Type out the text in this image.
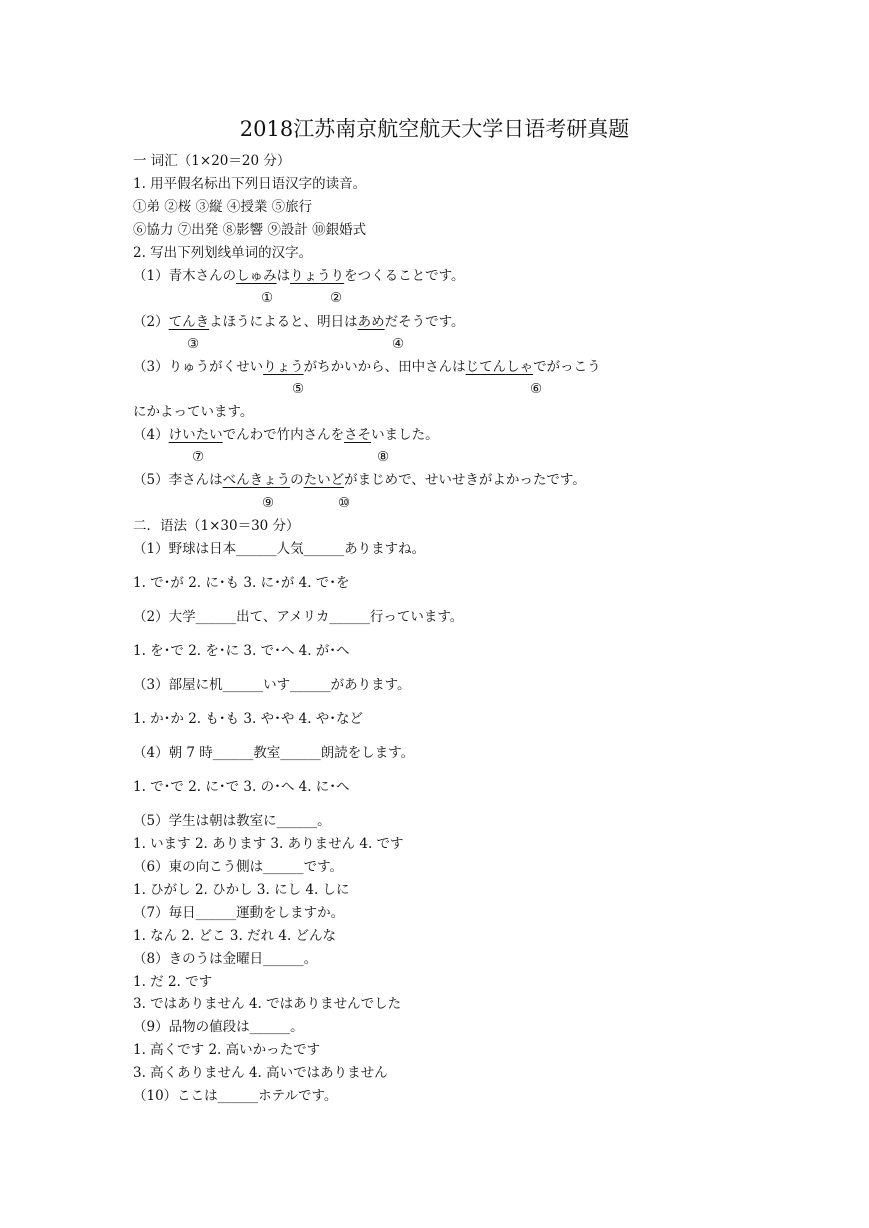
2018江苏南京航空航天大学日语考研真题
一 词汇（1×20＝20 分）
1. 用平假名标出下列日语汉字的读音。
①弟 ②桜 ③縦 ④授業 ⑤旅行
⑥協力 ⑦出発 ⑧影響 ⑨設計 ⑩銀婚式
2. 写出下列划线单词的汉字。
（1）青木さんのしゅみはりょうりをつくることです。
①	②
（2）てんきよほうによると、明日はあめだそうです。
③	④
（3）りゅうがくせいりょうがちかいから、田中さんはじてんしゃでがっこう
⑤	⑥
にかよっています。
（4）けいたいでんわで竹内さんをさそいました。
⑦	⑧
（5）李さんはべんきょうのたいどがまじめで、せいせきがよかったです。
⑨	⑩
二．语法（1×30＝30 分）
（1）野球は日本______人気______ありますね。
1. で･が 2. に･も 3. に･が 4. で･を
（2）大学______出て、アメリカ______行っています。
1. を･で 2. を･に 3. で･へ 4. が･へ
（3）部屋に机______いす______があります。
1. か･か 2. も･も 3. や･や 4. や･など
（4）朝 7 時______教室______朗読をします。
1. で･で 2. に･で 3. の･へ 4. に･へ
（5）学生は朝は教室に______。
1. います 2. あります 3. ありません 4. です
（6）東の向こう側は______です。
1. ひがし 2. ひかし 3. にし 4. しに
（7）毎日______運動をしますか。
1. なん 2. どこ 3. だれ 4. どんな
（8）きのうは金曜日______。
1. だ 2. です
3. ではありません 4. ではありませんでした
（9）品物の値段は______。
1. 高くです 2. 高いかったです
3. 高くありません 4. 高いではありません
（10）ここは______ホテルです。
